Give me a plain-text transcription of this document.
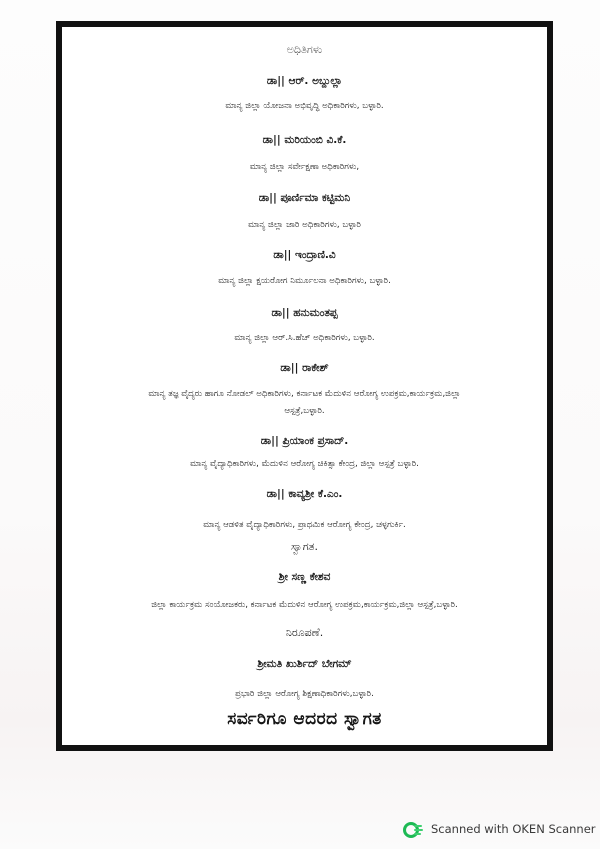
ಅಧಿತಿಗಳು
ಡಾ|| ಆರ್. ಅಬ್ದುಲ್ಲಾ
ಮಾನ್ಯ ಜಿಲ್ಲಾ ಯೋಜನಾ ಅಭಿವೃದ್ಧಿ ಅಧಿಕಾರಿಗಳು, ಬಳ್ಳಾರಿ.
ಡಾ|| ಮರಿಯಂಬಿ ವಿ.ಕೆ.
ಮಾನ್ಯ ಜಿಲ್ಲಾ ಸರ್ವೇಕ್ಷಣಾ ಅಧಿಕಾರಿಗಳು,
ಡಾ|| ಪೂರ್ಣಿಮಾ ಕಟ್ಟಿಮನಿ
ಮಾನ್ಯ ಜಿಲ್ಲಾ ಜಾರಿ ಅಧಿಕಾರಿಗಳು, ಬಳ್ಳಾರಿ
ಡಾ|| ಇಂದ್ರಾಣಿ.ವಿ
ಮಾನ್ಯ ಜಿಲ್ಲಾ ಕ್ಷಯರೋಗ ನಿರ್ಮೂಲನಾ ಅಧಿಕಾರಿಗಳು, ಬಳ್ಳಾರಿ.
ಡಾ|| ಹನುಮಂತಪ್ಪ
ಮಾನ್ಯ ಜಿಲ್ಲಾ ಆರ್.ಸಿ.ಹೆಚ್ ಅಧಿಕಾರಿಗಳು, ಬಳ್ಳಾರಿ.
ಡಾ|| ರಾಕೇಶ್
ಮಾನ್ಯ ತಜ್ಞ ವೈದ್ಯರು ಹಾಗೂ ನೋಡಲ್ ಅಧಿಕಾರಿಗಳು, ಕರ್ನಾಟಕ ಮೆದುಳಿನ ಆರೋಗ್ಯ ಉಪಕ್ರಮ,ಕಾರ್ಯಕ್ರಮ,ಜಿಲ್ಲಾ
ಆಸ್ಪತ್ರೆ,ಬಳ್ಳಾರಿ.
ಡಾ|| ಪ್ರಿಯಾಂಕ ಪ್ರಸಾದ್.
ಮಾನ್ಯ ವೈದ್ಯಾಧಿಕಾರಿಗಳು, ಮೆದುಳಿನ ಆರೋಗ್ಯ ಚಿಕಿತ್ಸಾ ಕೇಂದ್ರ, ಜಿಲ್ಲಾ ಆಸ್ಪತ್ರೆ ಬಳ್ಳಾರಿ.
ಡಾ|| ಕಾವ್ಯಶ್ರೀ ಕೆ.ಎಂ.
ಮಾನ್ಯ ಆಡಳಿತ ವೈದ್ಯಾಧಿಕಾರಿಗಳು, ಪ್ರಾಥಮಿಕ ಆರೋಗ್ಯ ಕೇಂದ್ರ, ಚಳ್ಳಗುರ್ಕಿ.
ಸ್ವಾಗತ.
ಶ್ರೀ ಸಣ್ಣ ಕೇಶವ
ಜಿಲ್ಲಾ ಕಾರ್ಯಕ್ರಮ ಸಂಯೋಜಕರು, ಕರ್ನಾಟಕ ಮೆದುಳಿನ ಆರೋಗ್ಯ ಉಪಕ್ರಮ,ಕಾರ್ಯಕ್ರಮ,ಜಿಲ್ಲಾ ಆಸ್ಪತ್ರೆ,ಬಳ್ಳಾರಿ.
ನಿರೂಪಣೆ.
ಶ್ರೀಮತಿ ಖುರ್ಶಿದ್ ಬೇಗಮ್
ಪ್ರಭಾರಿ ಜಿಲ್ಲಾ ಆರೋಗ್ಯ ಶಿಕ್ಷಣಾಧಿಕಾರಿಗಳು,ಬಳ್ಳಾರಿ.
ಸರ್ವರಿಗೂ ಆದರದ ಸ್ವಾಗತ
Scanned with OKEN Scanner
